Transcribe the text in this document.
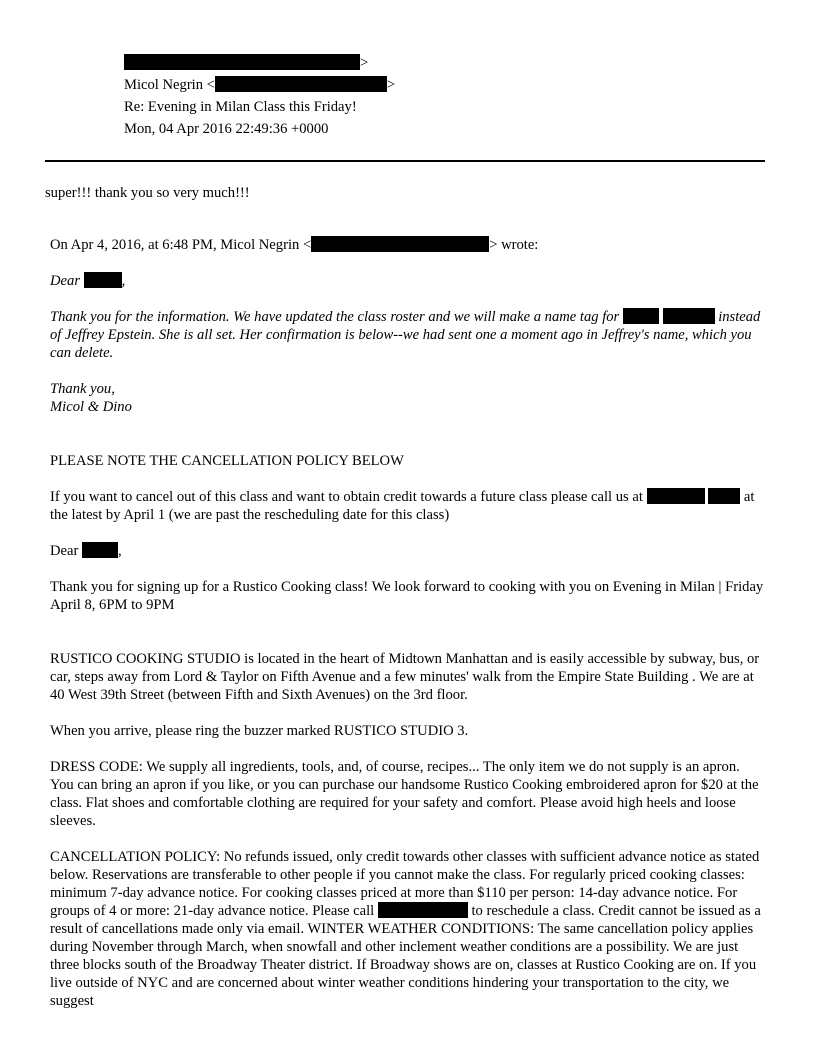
>
Micol Negrin <	>
Re: Evening in Milan Class this Friday!
Mon, 04 Apr 2016 22:49:36 +0000

super!!! thank you so very much!!!

On Apr 4, 2016, at 6:48 PM, Micol Negrin <	> wrote:

Dear	,

Thank you for the information. We have updated the class roster and we will make a name tag for	instead of Jeffrey Epstein. She is all set. Her confirmation is below--we had sent one a moment ago in Jeffrey's name, which you can delete.

Thank you,

Micol & Dino

PLEASE NOTE THE CANCELLATION POLICY BELOW

If you want to cancel out of this class and want to obtain credit towards a future class please call us at	at the latest by April 1 (we are past the rescheduling date for this class)

Dear	,

Thank you for signing up for a Rustico Cooking class! We look forward to cooking with you on Evening in Milan | Friday April 8, 6PM to 9PM

RUSTICO COOKING STUDIO is located in the heart of Midtown Manhattan and is easily accessible by subway, bus, or car, steps away from Lord & Taylor on Fifth Avenue and a few minutes' walk from the Empire State Building . We are at 40 West 39th Street (between Fifth and Sixth Avenues) on the 3rd floor.

When you arrive, please ring the buzzer marked RUSTICO STUDIO 3.

DRESS CODE: We supply all ingredients, tools, and, of course, recipes... The only item we do not supply is an apron. You can bring an apron if you like, or you can purchase our handsome Rustico Cooking embroidered apron for $20 at the class. Flat shoes and comfortable clothing are required for your safety and comfort. Please avoid high heels and loose sleeves.

CANCELLATION POLICY: No refunds issued, only credit towards other classes with sufficient advance notice as stated below. Reservations are transferable to other people if you cannot make the class. For regularly priced cooking classes: minimum 7-day advance notice. For cooking classes priced at more than $110 per person: 14-day advance notice. For groups of 4 or more: 21-day advance notice. Please call	to reschedule a class. Credit cannot be issued as a result of cancellations made only via email. WINTER WEATHER CONDITIONS: The same cancellation policy applies during November through March, when snowfall and other inclement weather conditions are a possibility. We are just three blocks south of the Broadway Theater district. If Broadway shows are on, classes at Rustico Cooking are on. If you live outside of NYC and are concerned about winter weather conditions hindering your transportation to the city, we suggest
